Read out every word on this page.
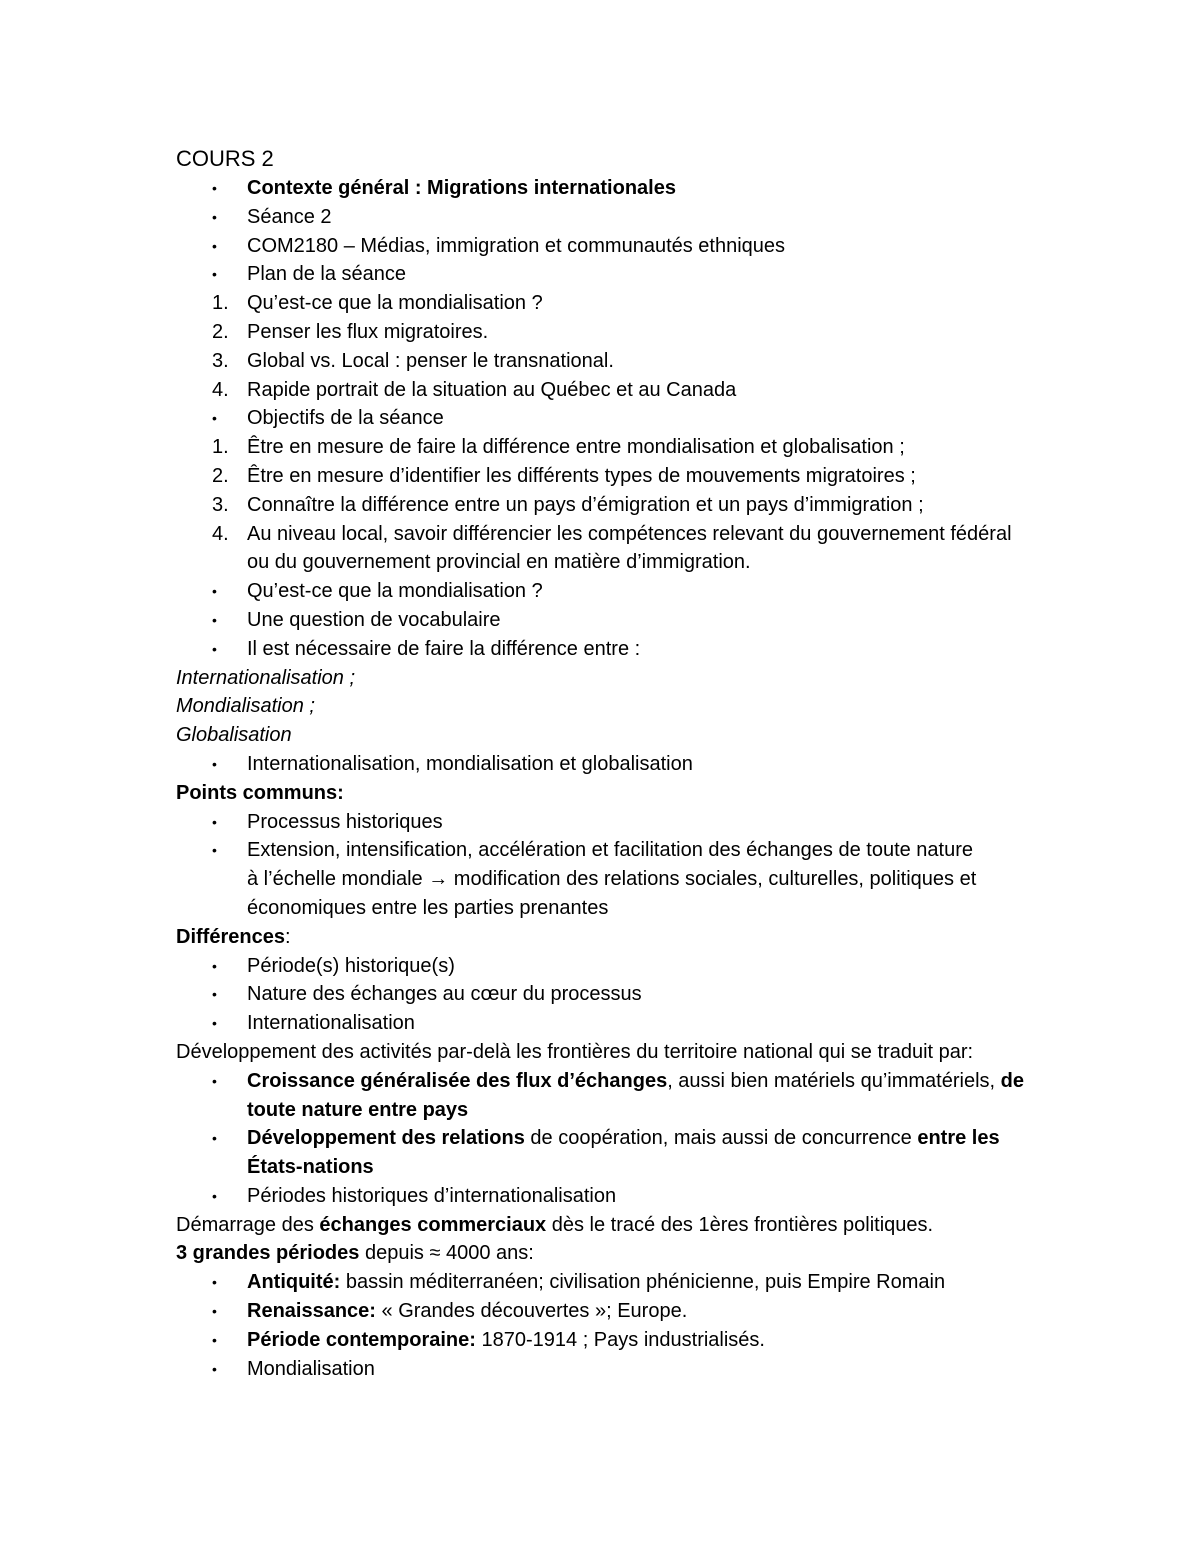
COURS 2
•	Contexte général : Migrations internationales
•	Séance 2
•	COM2180 – Médias, immigration et communautés ethniques
•	Plan de la séance
1. Qu’est-ce que la mondialisation ?
2. Penser les flux migratoires.
3. Global vs. Local : penser le transnational.
4. Rapide portrait de la situation au Québec et au Canada
•	Objectifs de la séance
1. Être en mesure de faire la différence entre mondialisation et globalisation ;
2. Être en mesure d’identifier les différents types de mouvements migratoires ;
3. Connaître la différence entre un pays d’émigration et un pays d’immigration ;
4. Au niveau local, savoir différencier les compétences relevant du gouvernement fédéral ou du gouvernement provincial en matière d’immigration.
•	Qu’est-ce que la mondialisation ?
•	Une question de vocabulaire
•	Il est nécessaire de faire la différence entre :
Internationalisation ;
Mondialisation ;
Globalisation
•	Internationalisation, mondialisation et globalisation
Points communs:
•	Processus historiques
•	Extension, intensification, accélération et facilitation des échanges de toute nature à l’échelle mondiale → modification des relations sociales, culturelles, politiques et économiques entre les parties prenantes
Différences:
•	Période(s) historique(s)
•	Nature des échanges au cœur du processus
•	Internationalisation
Développement des activités par-delà les frontières du territoire national qui se traduit par:
•	Croissance généralisée des flux d’échanges, aussi bien matériels qu’immatériels, de toute nature entre pays
•	Développement des relations de coopération, mais aussi de concurrence entre les États-nations
•	Périodes historiques d’internationalisation
Démarrage des échanges commerciaux dès le tracé des 1ères frontières politiques.
3 grandes périodes depuis ≈ 4000 ans:
•	Antiquité: bassin méditerranéen; civilisation phénicienne, puis Empire Romain
•	Renaissance: « Grandes découvertes »; Europe.
•	Période contemporaine: 1870-1914 ; Pays industrialisés.
•	Mondialisation
